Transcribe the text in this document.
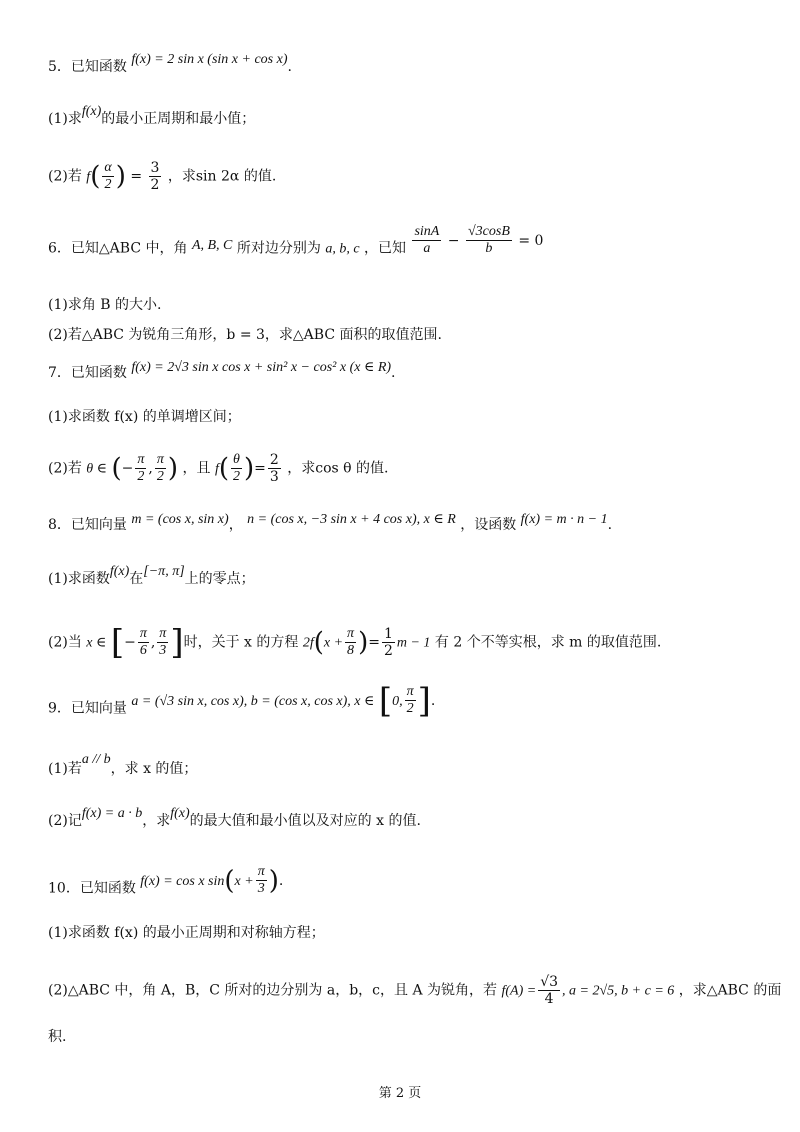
5．已知函数 f(x) = 2 sin x (sin x + cos x).
(1)求f(x)的最小正周期和最小值；
(2)若 $f( \frac{\alpha}{2}$ ) = $\frac{3}{2}$ ，求sin 2α 的值.
6．已知△ABC 中，角 A, B, C 所对边分别为 a, b, c ，已知 $\frac{\sin A}{a} - \frac{√3\cos B}{b} = 0$
(1)求角 B 的大小.
(2)若△ABC 为锐角三角形，b = 3，求△ABC 面积的取值范围.
7．已知函数 f(x) = 2√3 sin x cos x + sin² x − cos² x (x ∈ R).
(1)求函数 f(x) 的单调增区间；
(2)若 θ ∈ (− $\frac{\pi}{2}$ , $\frac{\pi}{2}$ ) ，且 $f( \frac{\theta}{2}$ )= $\frac{2}{3}$ ，求cos θ 的值.
8．已知向量 m = (cos x, sin x)， n = (cos x, −3 sin x + 4 cos x), x ∈ R ，设函数 f(x) = m · n − 1.
(1)求函数f(x)在[−π, π]上的零点；
(2)当 x ∈ [− $\frac{\pi}{6}$ , $\frac{\pi}{3}$ ]时，关于 x 的方程 $2f(x + \frac{\pi}{8}$ )= $\frac{1}{2}$ m − 1 有 2 个不等实根，求 m 的取值范围.
9．已知向量 a = (√3 sin x, cos x), b = (cos x, cos x), x ∈ [0, $\frac{\pi}{2}$ ].
(1)若a // b，求 x 的值；
(2)记f(x) = a · b，求f(x)的最大值和最小值以及对应的 x 的值.
10．已知函数 f(x) = cos x $\sin(x + \frac{\pi}{3}$ ).
(1)求函数 f(x) 的最小正周期和对称轴方程；
(2)△ABC 中，角 A，B，C 所对的边分别为 a，b，c，且 A 为锐角，若 $f(A) = \frac{√3}{4}$ , a = 2√5, b + c = 6 ，求△ABC 的面
积.
第 2 页
